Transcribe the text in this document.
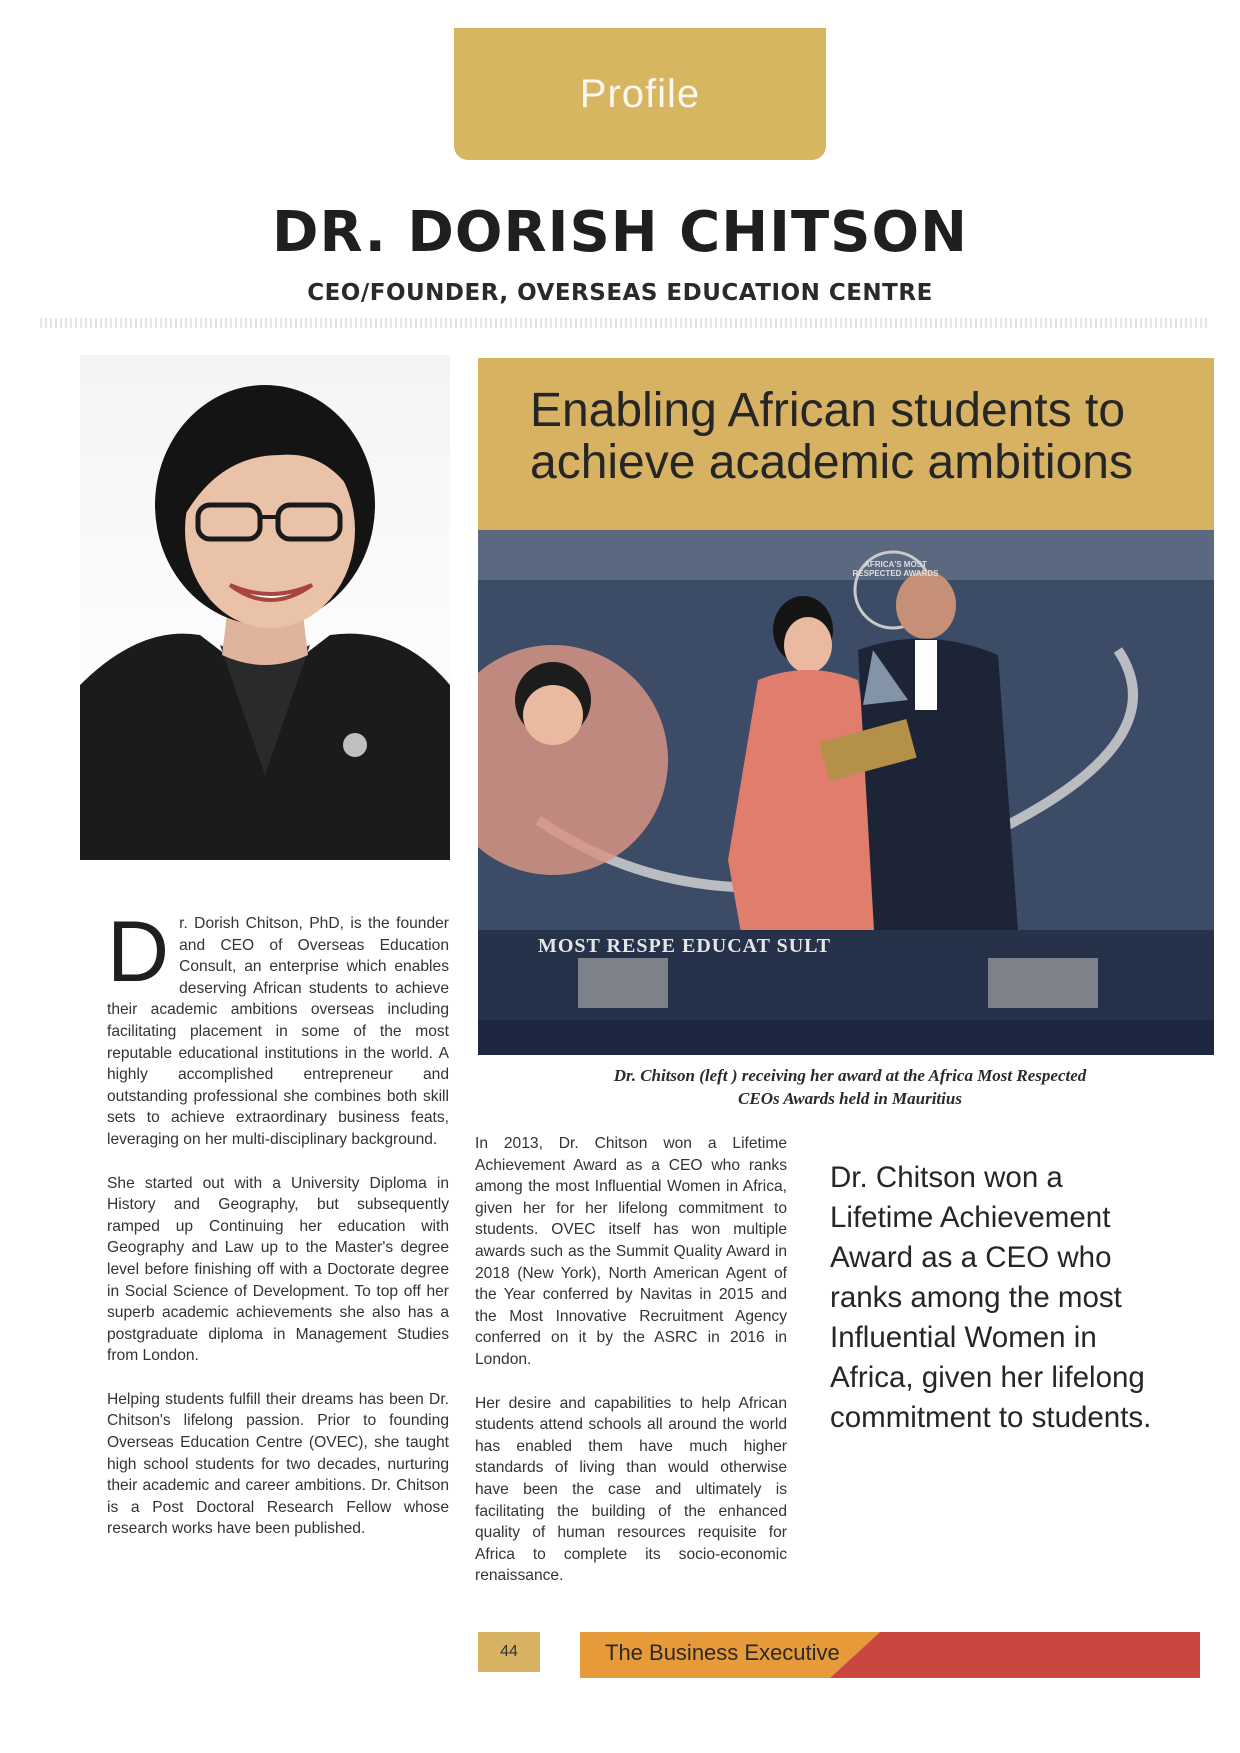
Profile
DR. DORISH CHITSON
CEO/FOUNDER, OVERSEAS EDUCATION CENTRE
Enabling African students to
achieve academic ambitions
MOST RESPE EDUCAT SULT
AFRICA'S MOST RESPECTED AWARDS
Dr. Chitson (left ) receiving her award at the Africa Most Respected
CEOs Awards held in Mauritius

Dr. Dorish Chitson, PhD, is the founder and CEO of Overseas Education Consult, an enterprise which enables deserving African students to achieve their academic ambitions overseas including facilitating placement in some of the most reputable educational institutions in the world. A highly accomplished entrepreneur and outstanding professional she combines both skill sets to achieve extraordinary business feats, leveraging on her multi-disciplinary background.

She started out with a University Diploma in History and Geography, but subsequently ramped up Continuing her education with Geography and Law up to the Master's degree level before finishing off with a Doctorate degree in Social Science of Development. To top off her superb academic achievements she also has a postgraduate diploma in Management Studies from London.

Helping students fulfill their dreams has been Dr. Chitson's lifelong passion. Prior to founding Overseas Education Centre (OVEC), she taught high school students for two decades, nurturing their academic and career ambitions. Dr. Chitson is a Post Doctoral Research Fellow whose research works have been published.

In 2013, Dr. Chitson won a Lifetime Achievement Award as a CEO who ranks among the most Influential Women in Africa, given her for her lifelong commitment to students. OVEC itself has won multiple awards such as the Summit Quality Award in 2018 (New York), North American Agent of the Year conferred by Navitas in 2015 and the Most Innovative Recruitment Agency conferred on it by the ASRC in 2016 in London.

Her desire and capabilities to help African students attend schools all around the world has enabled them have much higher standards of living than would otherwise have been the case and ultimately is facilitating the building of the enhanced quality of human resources requisite for Africa to complete its socio-economic renaissance.

Dr. Chitson won a Lifetime Achievement Award as a CEO who ranks among the most Influential Women in Africa, given her lifelong commitment to students.
44	The Business Executive
